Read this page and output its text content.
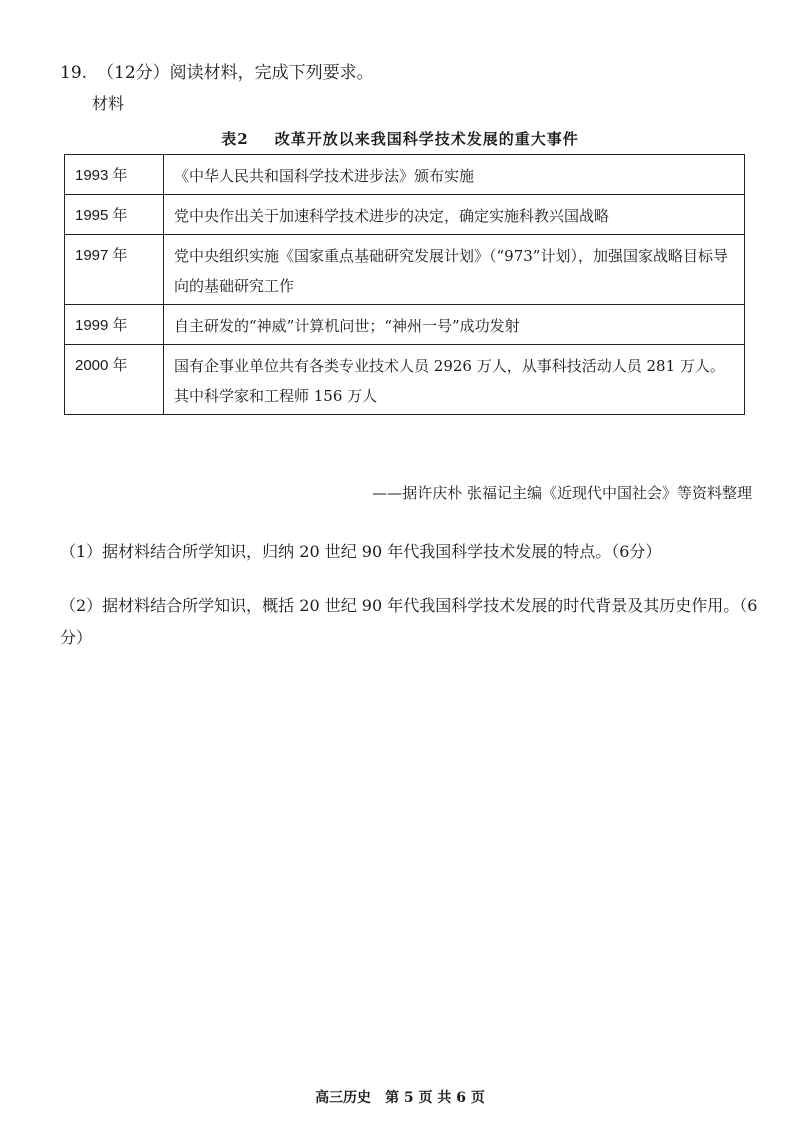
19. （12分）阅读材料，完成下列要求。
材料
表2 改革开放以来我国科学技术发展的重大事件
1993 年	《中华人民共和国科学技术进步法》颁布实施
1995 年	党中央作出关于加速科学技术进步的决定，确定实施科教兴国战略
1997 年	党中央组织实施《国家重点基础研究发展计划》（“973”计划），加强国家战略目标导向的基础研究工作
1999 年	自主研发的“神威”计算机问世；“神州一号”成功发射
2000 年	国有企事业单位共有各类专业技术人员 2926 万人，从事科技活动人员 281 万人。其中科学家和工程师 156 万人
——据许庆朴 张福记主编《近现代中国社会》等资料整理
（1）据材料结合所学知识，归纳 20 世纪 90 年代我国科学技术发展的特点。（6分）
（2）据材料结合所学知识，概括 20 世纪 90 年代我国科学技术发展的时代背景及其历史作用。（6分）
高三历史 第 5 页 共 6 页
